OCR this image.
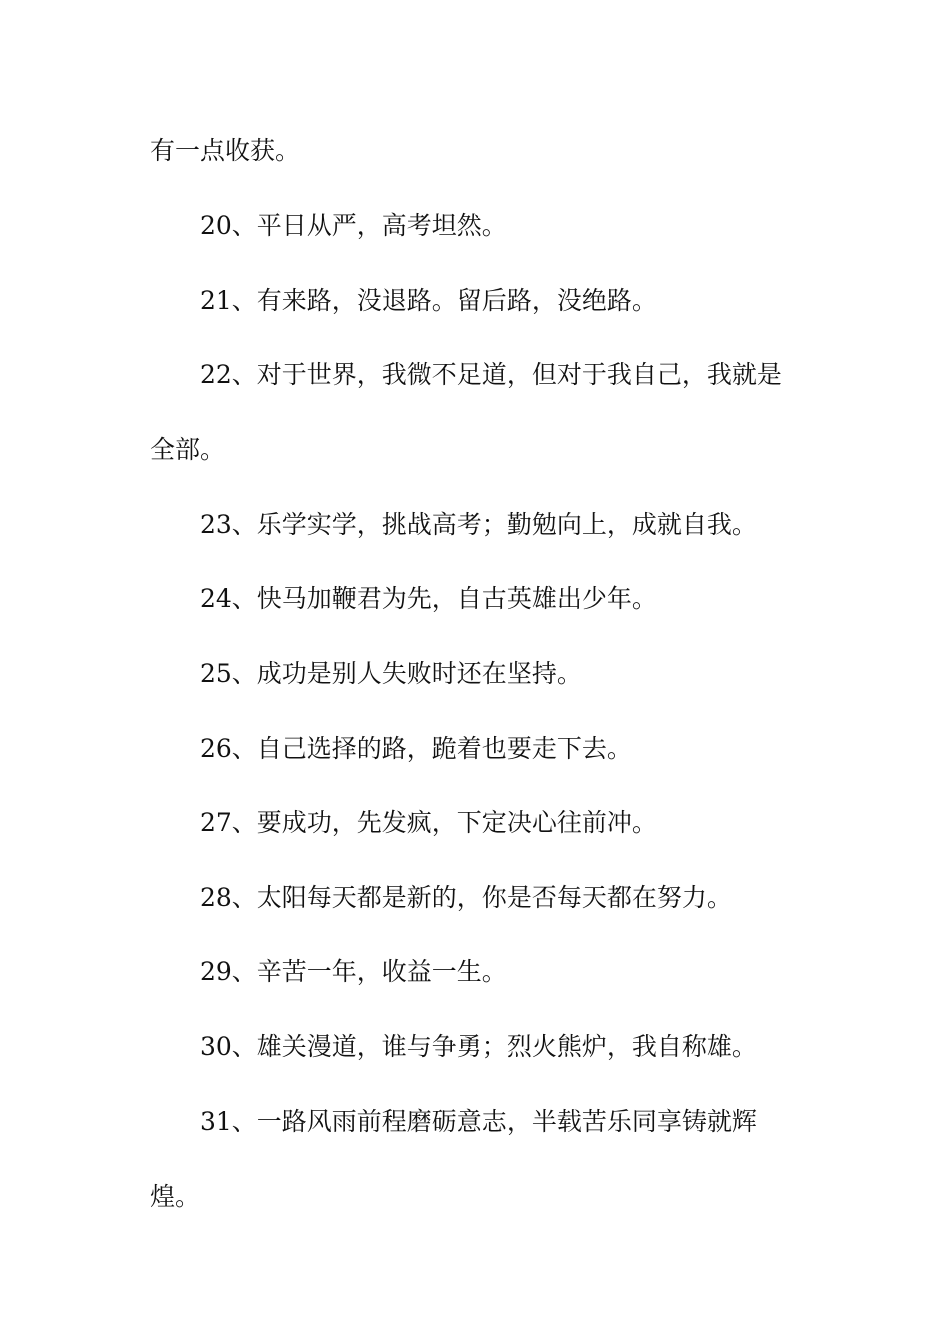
有一点收获。
20、平日从严，高考坦然。
21、有来路，没退路。留后路，没绝路。
22、对于世界，我微不足道，但对于我自己，我就是
全部。
23、乐学实学，挑战高考；勤勉向上，成就自我。
24、快马加鞭君为先，自古英雄出少年。
25、成功是别人失败时还在坚持。
26、自己选择的路，跪着也要走下去。
27、要成功，先发疯，下定决心往前冲。
28、太阳每天都是新的，你是否每天都在努力。
29、辛苦一年，收益一生。
30、雄关漫道，谁与争勇；烈火熊炉，我自称雄。
31、一路风雨前程磨砺意志，半载苦乐同享铸就辉
煌。
